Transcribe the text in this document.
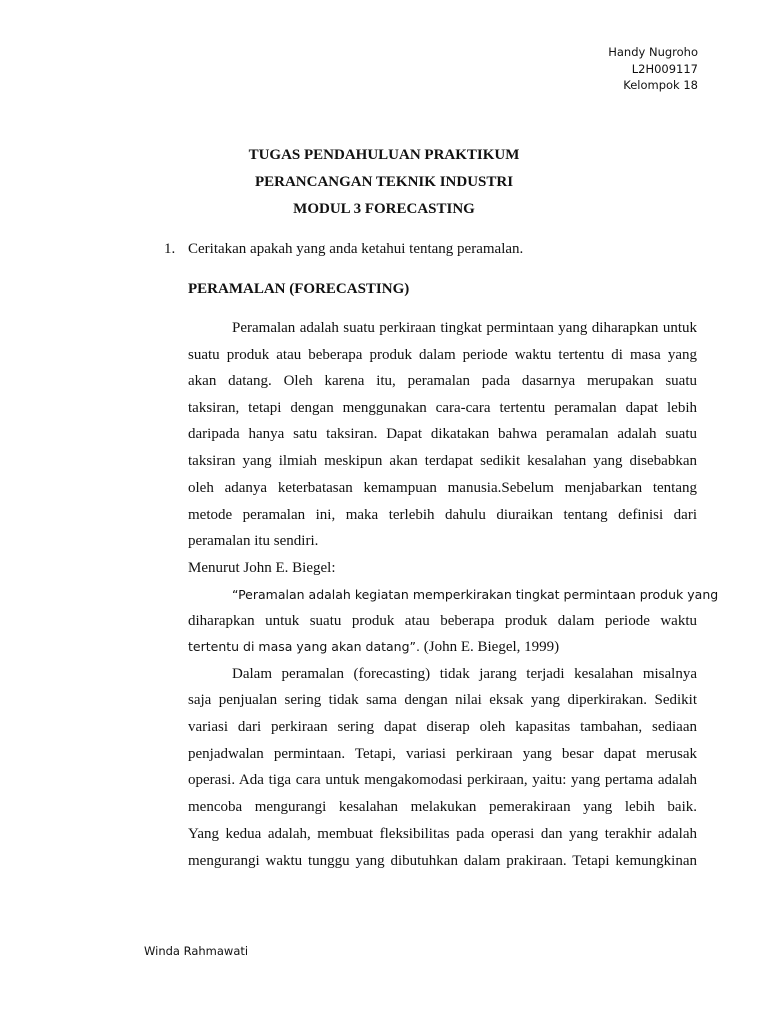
Handy Nugroho
L2H009117
Kelompok 18
TUGAS PENDAHULUAN PRAKTIKUM
PERANCANGAN TEKNIK INDUSTRI
MODUL 3 FORECASTING
1. Ceritakan apakah yang anda ketahui tentang peramalan.
PERAMALAN (FORECASTING)
Peramalan adalah suatu perkiraan tingkat permintaan yang diharapkan untuk
suatu produk atau beberapa produk dalam periode waktu tertentu di masa yang
akan datang. Oleh karena itu, peramalan pada dasarnya merupakan suatu
taksiran, tetapi dengan menggunakan cara-cara tertentu peramalan dapat lebih
daripada hanya satu taksiran. Dapat dikatakan bahwa peramalan adalah suatu
taksiran yang ilmiah meskipun akan terdapat sedikit kesalahan yang disebabkan
oleh adanya keterbatasan kemampuan manusia.Sebelum menjabarkan tentang
metode peramalan ini, maka terlebih dahulu diuraikan tentang definisi dari
peramalan itu sendiri.
Menurut John E. Biegel:
“Peramalan adalah kegiatan memperkirakan tingkat permintaan produk yang
diharapkan untuk suatu produk atau beberapa produk dalam periode waktu
tertentu di masa yang akan datang”. (John E. Biegel, 1999)
Dalam peramalan (forecasting) tidak jarang terjadi kesalahan misalnya
saja penjualan sering tidak sama dengan nilai eksak yang diperkirakan. Sedikit
variasi dari perkiraan sering dapat diserap oleh kapasitas tambahan, sediaan
penjadwalan permintaan. Tetapi, variasi perkiraan yang besar dapat merusak
operasi. Ada tiga cara untuk mengakomodasi perkiraan, yaitu: yang pertama adalah
mencoba mengurangi kesalahan melakukan pemerakiraan yang lebih baik.
Yang kedua adalah, membuat fleksibilitas pada operasi dan yang terakhir adalah
mengurangi waktu tunggu yang dibutuhkan dalam prakiraan. Tetapi kemungkinan
Winda Rahmawati
